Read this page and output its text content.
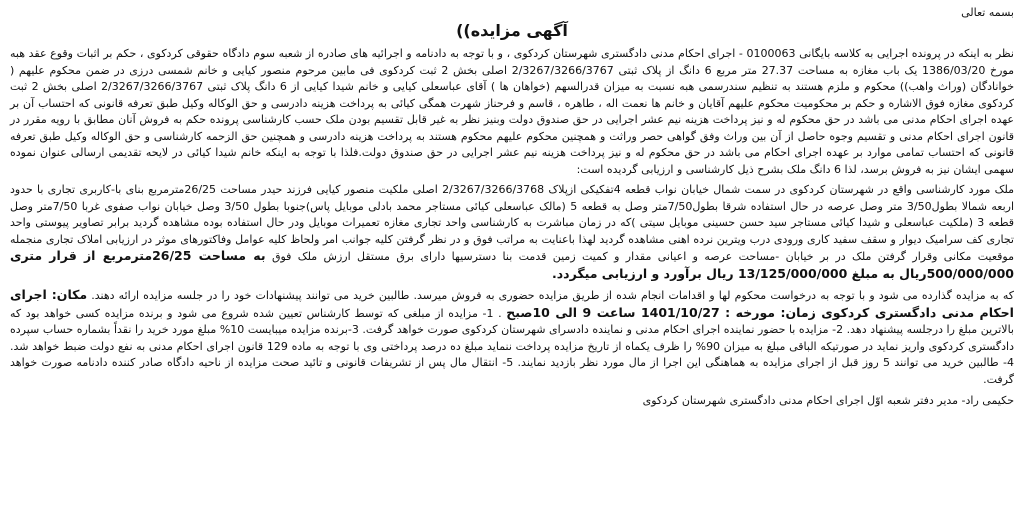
بسمه تعالی
آگهی مزایده))

نظر به اینکه در پرونده اجرایی به کلاسه بایگانی 0100063 - اجرای احکام مدنی دادگستری شهرستان کردکوی ، و با توجه به دادنامه و اجرائیه های صادره از شعبه سوم دادگاه حقوقی کردکوی ، حکم بر اثبات وقوع عقد هبه مورخ 1386/03/20 یک باب مغازه به مساحت 27.37 متر مربع 6 دانگ از پلاک ثبتی 2/3267/3266/3767 اصلی بخش 2 ثبت کردکوی فی مابین مرحوم منصور کیایی و خانم شمسی درزی در ضمن محکوم علیهم ( خوانادگان (وراث واهب)) محکوم و ملزم هستند به تنظیم سندرسمی هبه نسبت به میزان قدرالسهم (خواهان ها ) آقای عباسعلی کیایی و خانم شیدا کیایی از 6 دانگ پلاک ثبتی 2/3267/3266/3767 اصلی بخش 2 ثبت کردکوی مغازه فوق الاشاره و حکم بر محکومیت محکوم علیهم آقایان و خانم ها نعمت اله ، طاهره ، قاسم و فرحناز شهرت همگی کیائی به پرداخت هزینه دادرسی و حق الوکاله وکیل طبق تعرفه قانونی که احتساب آن بر عهده اجرای احکام مدنی می باشد در حق محکوم له و نیز پرداخت هزینه نیم عشر اجرایی در حق صندوق دولت وبنیز نظر به غیر قابل تقسیم بودن ملک حسب کارشناسی پرونده حکم به فروش آنان مطابق با رویه مقرر در قانون اجرای احکام مدنی و تقسیم وجوه حاصل از آن بین وراث وفق گواهی حصر وراثت و همچنین محکوم علیهم محکوم هستند به پرداخت هزینه دادرسی و همچنین حق الزحمه کارشناسی و حق الوکاله وکیل طبق تعرفه قانونی که احتساب تمامی موارد بر عهده اجرای احکام می باشد در حق محکوم له و نیز پرداخت هزینه نیم عشر اجرایی در حق صندوق دولت.فلذا با توجه به اینکه خانم شیدا کیائی در لایحه تقدیمی ارسالی عنوان نموده سهمی ایشان نیز به فروش برسد، لذا 6 دانگ ملک بشرح ذیل کارشناسی و ارزیابی گردیده است:

ملک مورد کارشناسی واقع در شهرستان کردکوی در سمت شمال خیابان نواب قطعه 4تفکیکی ازپلاک 2/3267/3266/3768 اصلی ملکیت منصور کیایی فرزند حیدر مساحت 26/25مترمربع بنای با-کاربری تجاری با حدود اربعه شمالا بطول3/50 متر وصل عرصه در حال استفاده شرقا بطول7/50متر وصل به قطعه 5 (مالک عباسعلی کیائی مستاجر محمد بادلی موبایل پاس)جنوبا بطول 3/50 وصل خیابان نواب صفوی غربا 7/50متر وصل قطعه 3 (ملکیت عباسعلی و شیدا کیائی مستاجر سید حسن حسینی موبایل سیتی )که در زمان مباشرت به کارشناسی واحد تجاری مغازه تعمیرات موبایل ودر حال استفاده بوده مشاهده گردید برابر تصاویر پیوستی واحد تجاری کف سرامیک دیوار و سقف سفید کاری ورودی درب ویترین نرده اهنی مشاهده گردید لهذا باعنایت به مراتب فوق و در نظر گرفتن کلیه جوانب امر ولحاظ کلیه عوامل وفاکتورهای موثر در ارزیابی املاک تجاری منجمله موقعیت مکانی وقرار گرفتن ملک در بر خیابان -مساحت عرصه و اعیانی مقدار و کمیت زمین قدمت بنا دسترسیها دارای برق مستقل ارزش ملک فوق به مساحت 26/25مترمربع از قرار متری 500/000/000ریال به مبلغ 13/125/000/000 ریال برآورد و ارزیابی میگردد.

که به مزایده گذارده می شود و با توجه به درخواست محکوم لها و اقدامات انجام شده از طریق مزایده حضوری به فروش میرسد. طالبین خرید می توانند پیشنهادات خود را در جلسه مزایده ارائه دهند. مکان: اجرای احکام مدنی دادگستری کردکوی زمان: مورخه : 1401/10/27 ساعت 9 الی 10صبح . 1- مزایده از مبلغی که توسط کارشناس تعیین شده شروع می شود و برنده مزایده کسی خواهد بود که بالاترین مبلغ را درجلسه پیشنهاد دهد. 2- مزایده با حضور نماینده اجرای احکام مدنی و نماینده دادسرای شهرستان کردکوی صورت خواهد گرفت. 3-برنده مزایده میبایست 10% مبلغ مورد خرید را نقداً بشماره حساب سپرده دادگستری کردکوی واریز نماید در صورتیکه الباقی مبلغ به میزان 90% را ظرف یکماه از تاریخ مزایده پرداخت ننماید مبلغ ده درصد پرداختی وی با توجه به ماده 129 قانون اجرای احکام مدنی به نفع دولت ضبط خواهد شد. 4- طالبین خرید می توانند 5 روز قبل از اجرای مزایده به هماهنگی این اجرا از مال مورد نظر بازدید نمایند. 5- انتقال مال پس از تشریفات قانونی و تائید صحت مزایده از ناحیه دادگاه صادر کننده دادنامه صورت خواهد گرفت.

حکیمی راد- مدیر دفتر شعبه اوّل اجرای احکام مدنی دادگستری شهرستان کردکوی
